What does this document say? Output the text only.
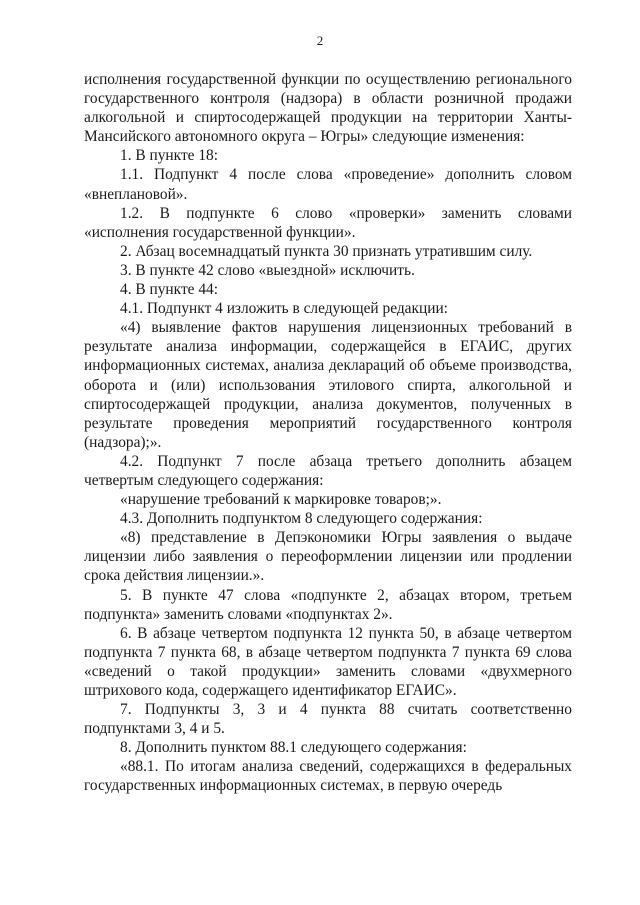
2

исполнения государственной функции по осуществлению регионального государственного контроля (надзора) в области розничной продажи алкогольной и спиртосодержащей продукции на территории Ханты-Мансийского автономного округа – Югры» следующие изменения:

1. В пункте 18:

1.1. Подпункт 4 после слова «проведение» дополнить словом «внеплановой».

1.2. В подпункте 6 слово «проверки» заменить словами «исполнения государственной функции».

2. Абзац восемнадцатый пункта 30 признать утратившим силу.

3. В пункте 42 слово «выездной» исключить.

4. В пункте 44:

4.1. Подпункт 4 изложить в следующей редакции:

«4) выявление фактов нарушения лицензионных требований в результате анализа информации, содержащейся в ЕГАИС, других информационных системах, анализа деклараций об объеме производства, оборота и (или) использования этилового спирта, алкогольной и спиртосодержащей продукции, анализа документов, полученных в результате проведения мероприятий государственного контроля (надзора);».

4.2. Подпункт 7 после абзаца третьего дополнить абзацем четвертым следующего содержания:

«нарушение требований к маркировке товаров;».

4.3. Дополнить подпунктом 8 следующего содержания:

«8) представление в Депэкономики Югры заявления о выдаче лицензии либо заявления о переоформлении лицензии или продлении срока действия лицензии.».

5. В пункте 47 слова «подпункте 2, абзацах втором, третьем подпункта» заменить словами «подпунктах 2».

6. В абзаце четвертом подпункта 12 пункта 50, в абзаце четвертом подпункта 7 пункта 68, в абзаце четвертом подпункта 7 пункта 69 слова «сведений о такой продукции» заменить словами «двухмерного штрихового кода, содержащего идентификатор ЕГАИС».

7. Подпункты 3, 3 и 4 пункта 88 считать соответственно подпунктами 3, 4 и 5.

8. Дополнить пунктом 88.1 следующего содержания:

«88.1. По итогам анализа сведений, содержащихся в федеральных государственных информационных системах, в первую очередь
